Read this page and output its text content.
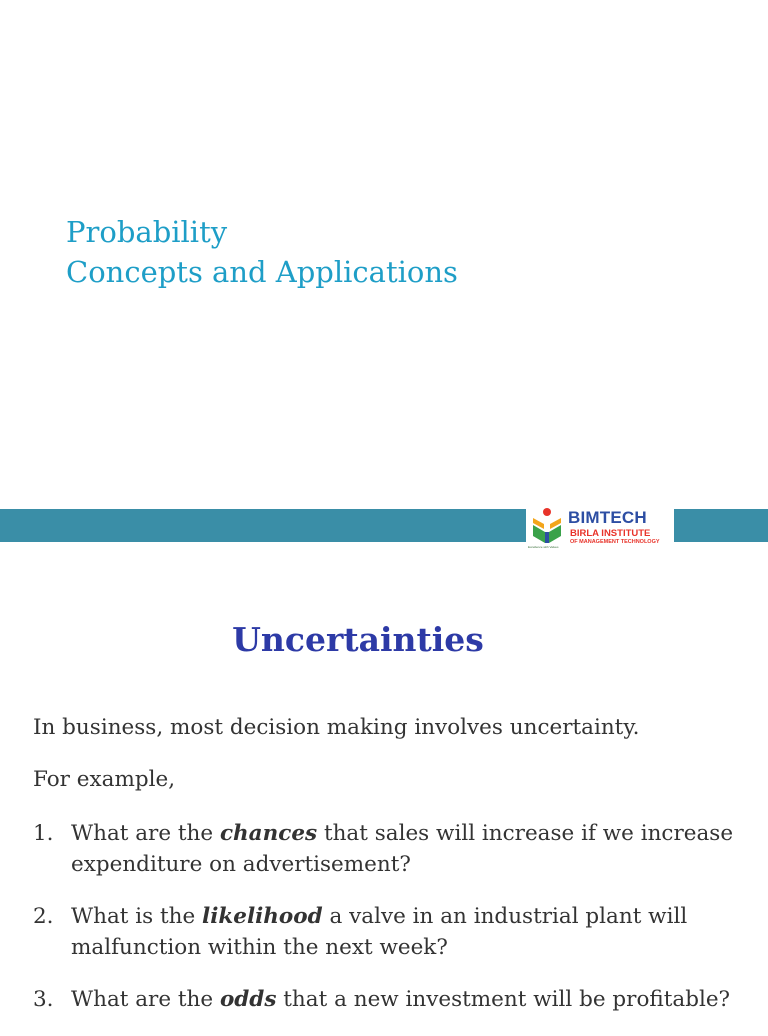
Probability
Concepts and Applications
BIMTECH
BIRLA INSTITUTE
OF MANAGEMENT TECHNOLOGY
Excellence with Values
Uncertainties
In business, most decision making involves uncertainty.
For example,
1. What are the chances that sales will increase if we increase expenditure on advertisement?
2. What is the likelihood a valve in an industrial plant will malfunction within the next week?
3. What are the odds that a new investment will be profitable?
